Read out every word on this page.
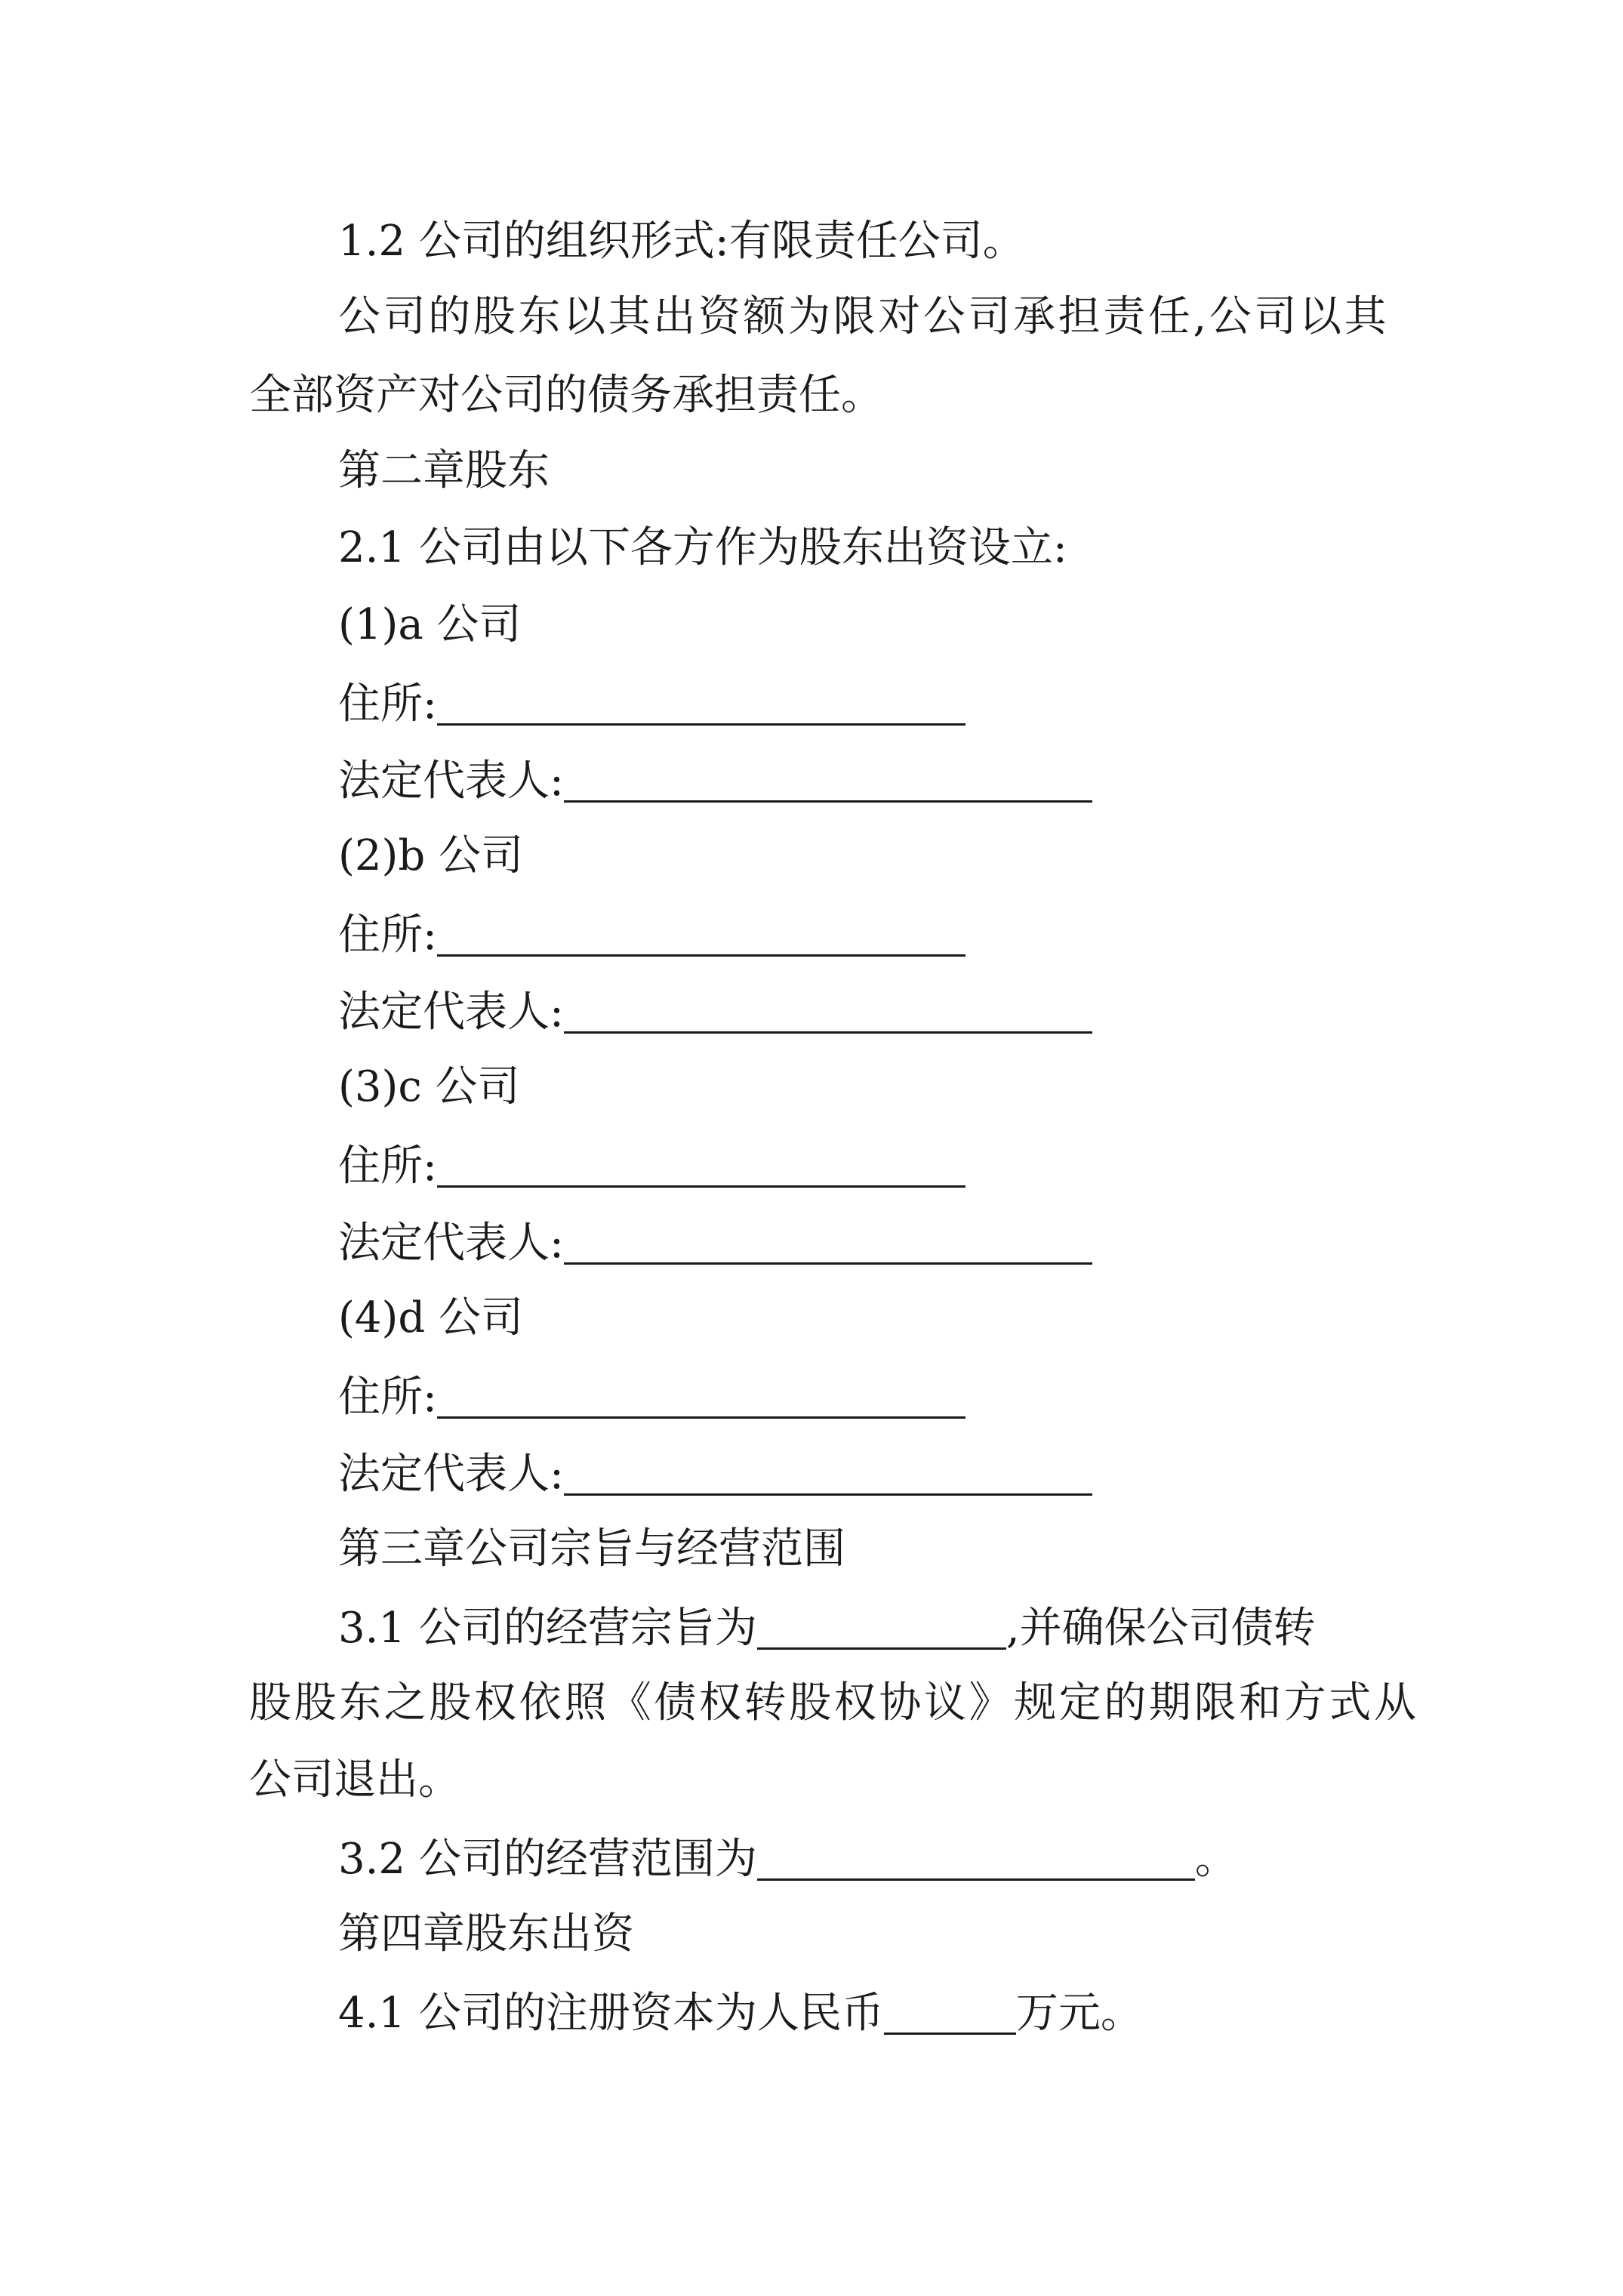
1.2 公司的组织形式:有限责任公司。
公司的股东以其出资额为限对公司承担责任,公司以其
全部资产对公司的债务承担责任。
第二章股东
2.1 公司由以下各方作为股东出资设立:
(1)a 公司
住所:
法定代表人:
(2)b 公司
住所:
法定代表人:
(3)c 公司
住所:
法定代表人:
(4)d 公司
住所:
法定代表人:
第三章公司宗旨与经营范围
3.1 公司的经营宗旨为	,并确保公司债转
股股东之股权依照《债权转股权协议》规定的期限和方式从
公司退出。
3.2 公司的经营范围为	。
第四章股东出资
4.1 公司的注册资本为人民币	万元。
